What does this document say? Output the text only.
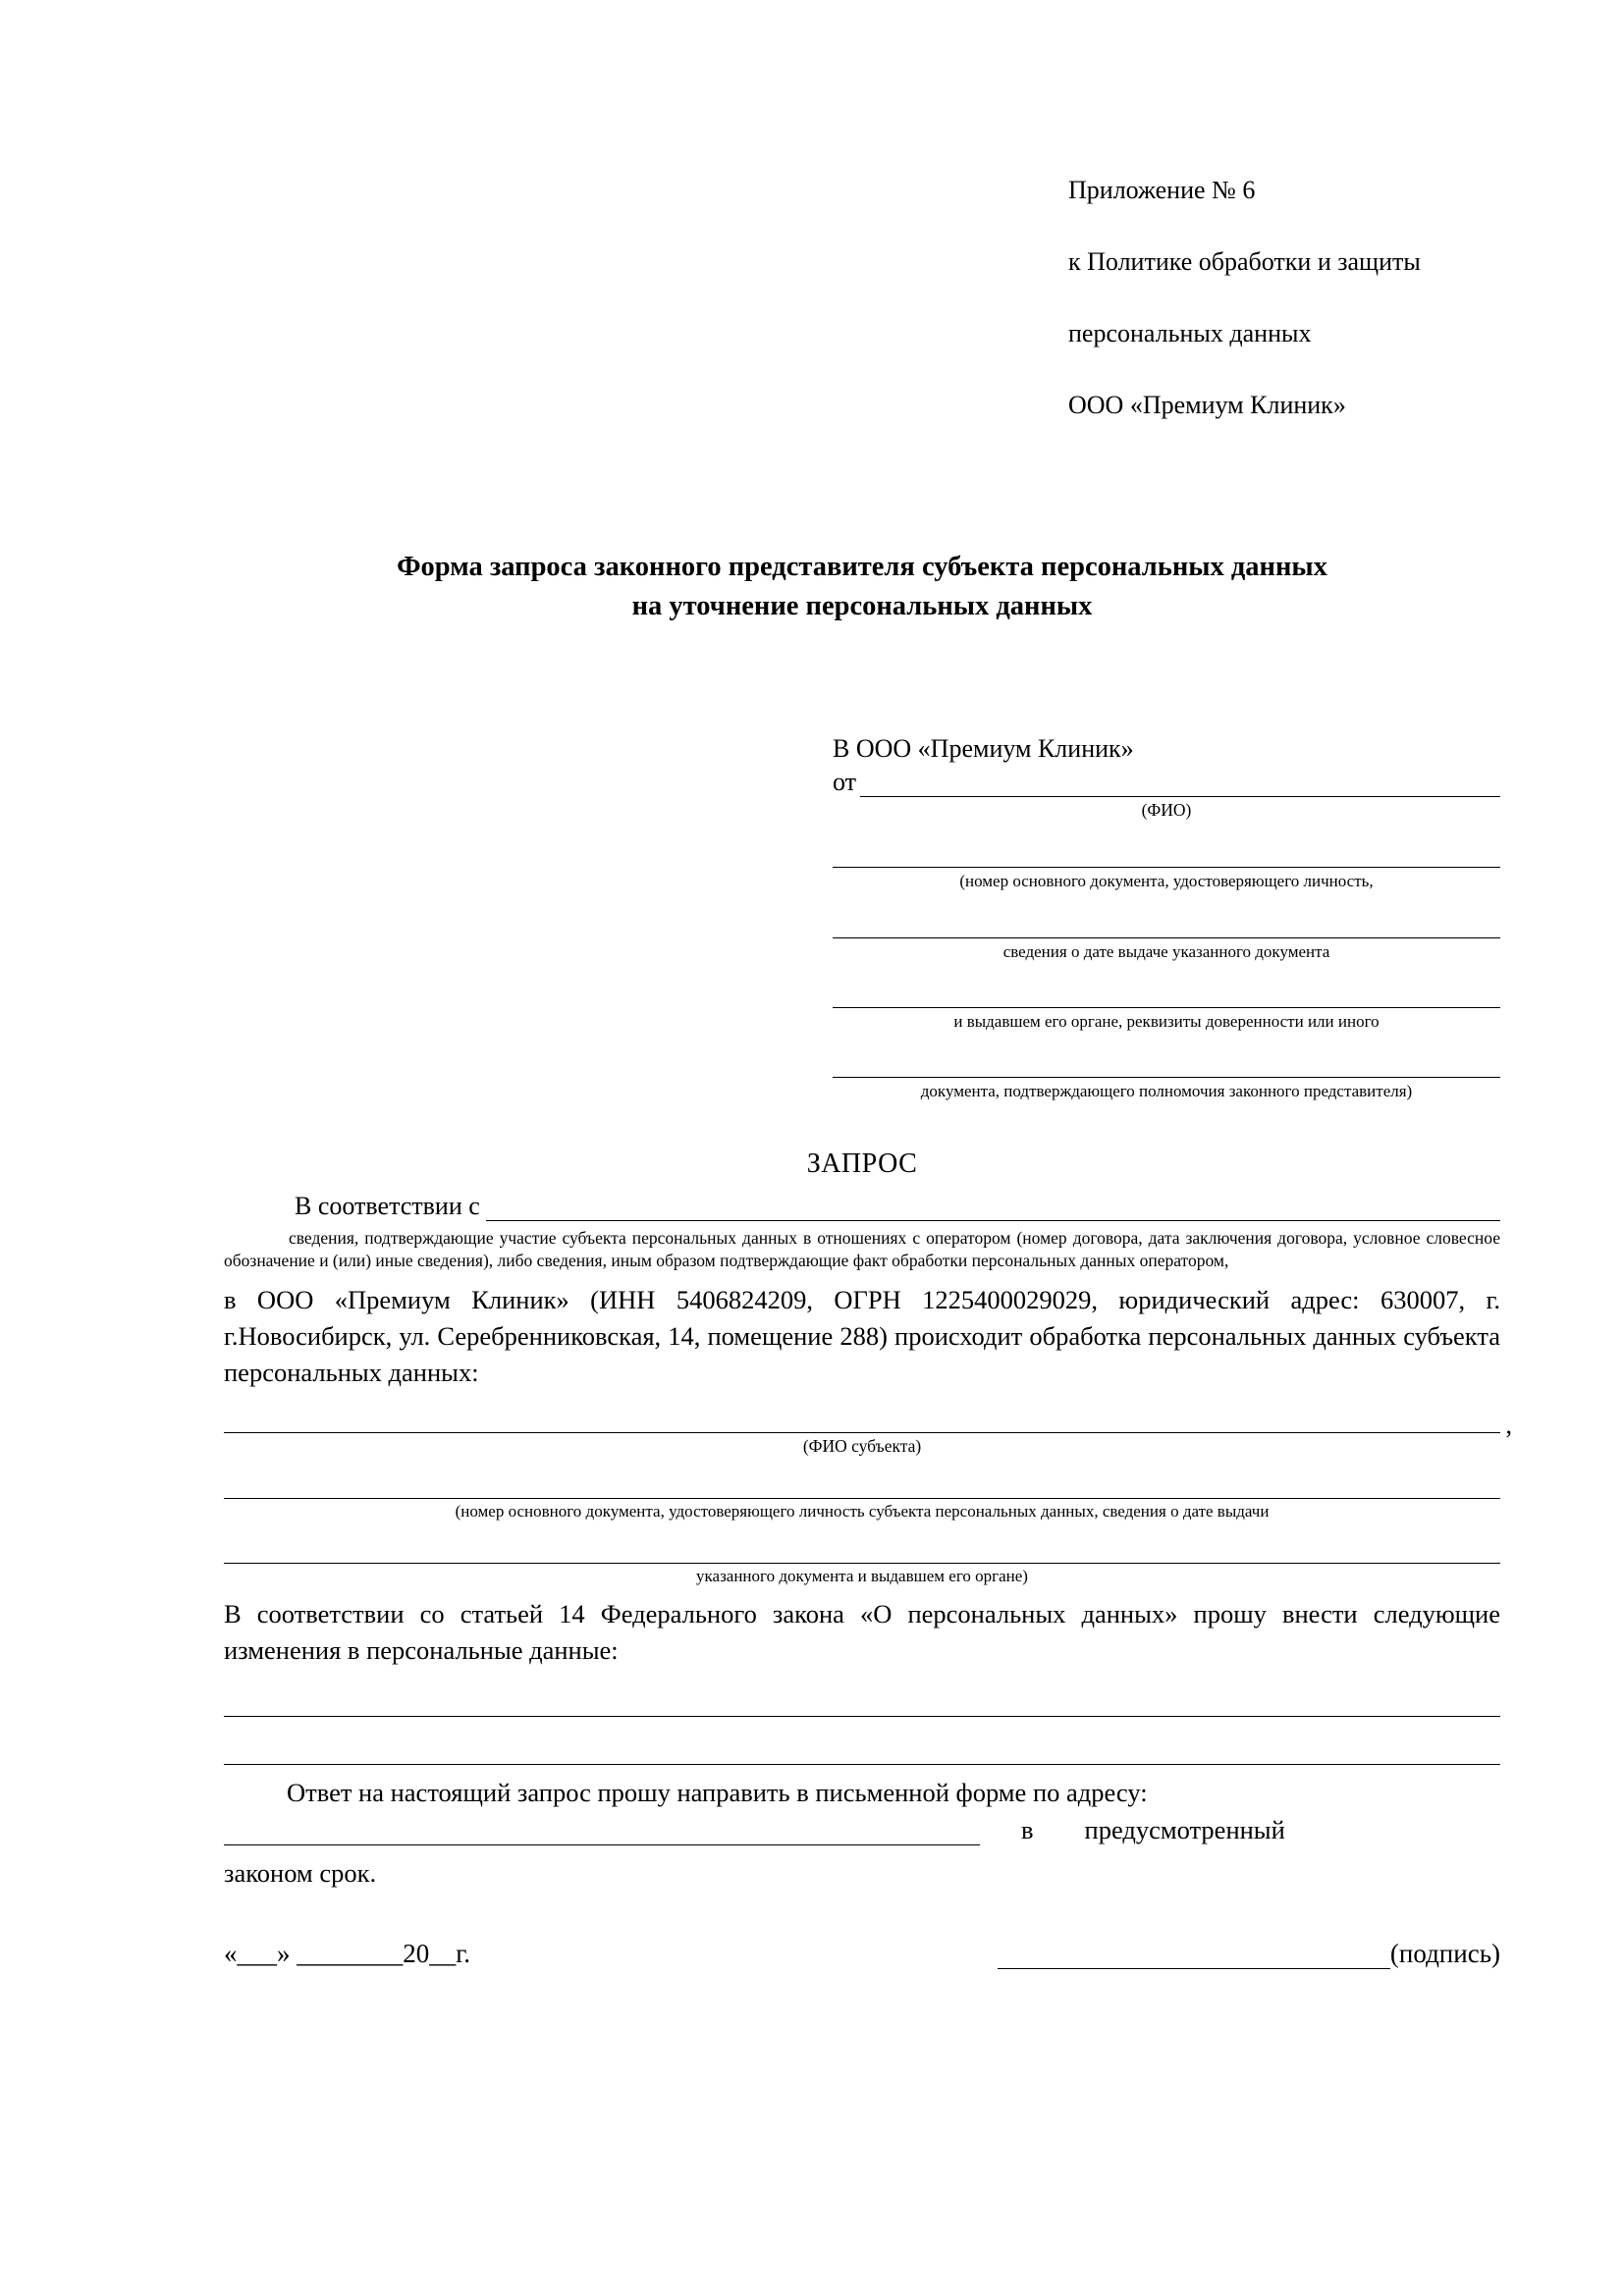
Приложение № 6

к Политике обработки и защиты

персональных данных

ООО «Премиум Клиник»

Форма запроса законного представителя субъекта персональных данных
на уточнение персональных данных
В ООО «Премиум Клиник»
от
(ФИО)
(номер основного документа, удостоверяющего личность,
сведения о дате выдаче указанного документа
и выдавшем его органе, реквизиты доверенности или иного
документа, подтверждающего полномочия законного представителя)
ЗАПРОС
В соответствии с
сведения, подтверждающие участие субъекта персональных данных в отношениях с оператором (номер договора, дата заключения договора, условное словесное обозначение и (или) иные сведения), либо сведения, иным образом подтверждающие факт обработки персональных данных оператором,
в ООО «Премиум Клиник» (ИНН 5406824209, ОГРН 1225400029029, юридический адрес: 630007, г. г.Новосибирск, ул. Серебренниковская, 14, помещение 288) происходит обработка персональных данных субъекта персональных данных:
,
(ФИО субъекта)
(номер основного документа, удостоверяющего личность субъекта персональных данных, сведения о дате выдачи
указанного документа и выдавшем его органе)
В соответствии со статьей 14 Федерального закона «О персональных данных» прошу внести следующие изменения в персональные данные:
Ответ на настоящий запрос прошу направить в письменной форме по адресу:
в предусмотренный
законом срок.
«___» ________20__г.	(подпись)
